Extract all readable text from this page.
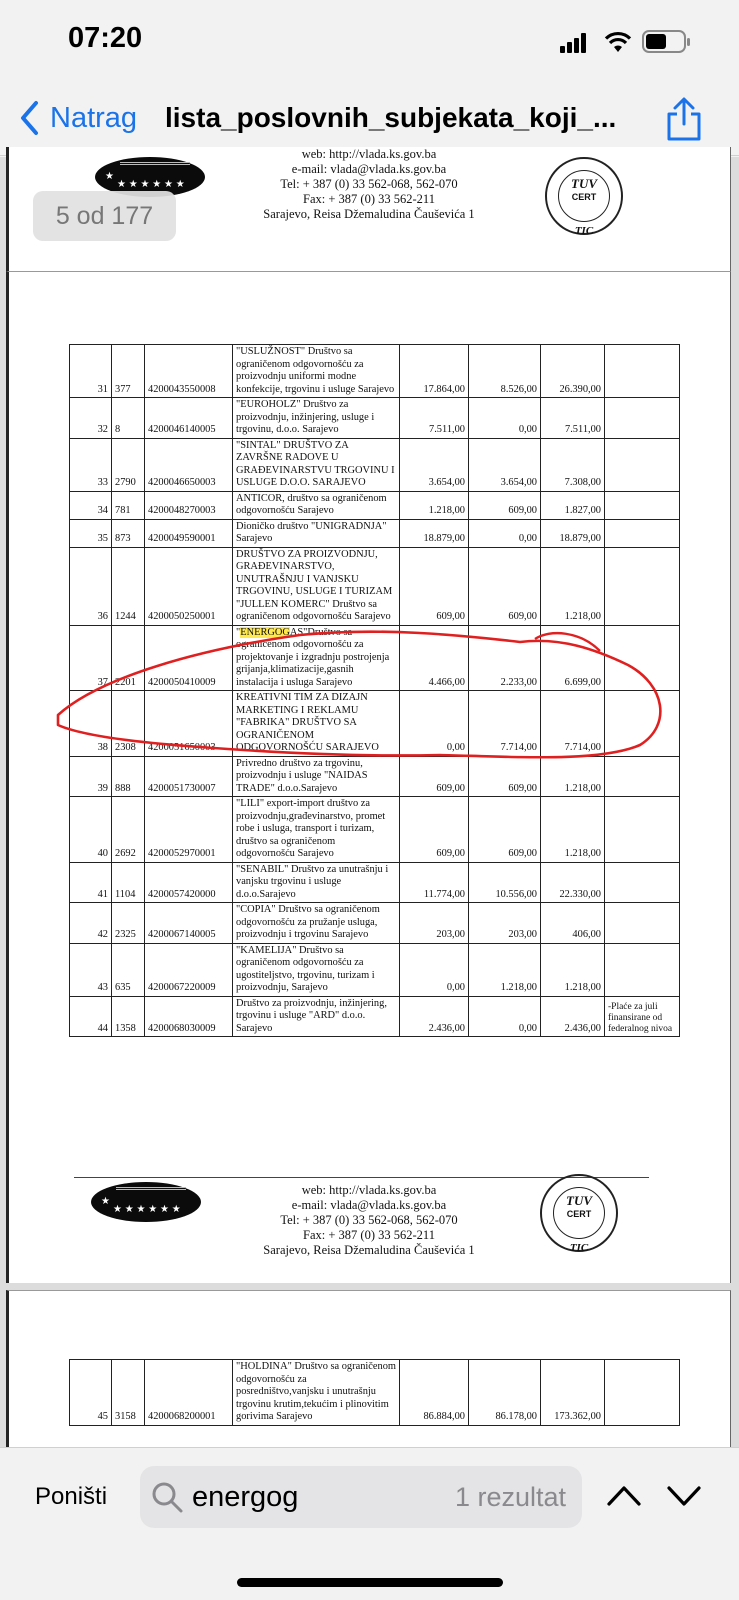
07:20
Natrag lista_poslovnih_subjekata_koji_...
★
★ ★ ★ ★ ★ ★
web: http://vlada.ks.gov.ba
e-mail: vlada@vlada.ks.gov.ba
Tel: + 387 (0) 33 562-068, 562-070
Fax: + 387 (0) 33 562-211
Sarajevo, Reisa Džemaludina Čauševića 1
TUV
CERT
TIC
5 od 177
31	377	4200043550008	"USLUŽNOST" Društvo sa ograničenom odgovornošću za proizvodnju uniformi modne konfekcije, trgovinu i usluge Sarajevo	17.864,00	8.526,00	26.390,00	
32	8	4200046140005	"EUROHOLZ" Društvo za proizvodnju, inžinjering, usluge i trgovinu, d.o.o. Sarajevo	7.511,00	0,00	7.511,00	
33	2790	4200046650003	"SINTAL" DRUŠTVO ZA ZAVRŠNE RADOVE U GRAĐEVINARSTVU TRGOVINU I USLUGE D.O.O. SARAJEVO	3.654,00	3.654,00	7.308,00	
34	781	4200048270003	ANTICOR, društvo sa ograničenom odgovornošću Sarajevo	1.218,00	609,00	1.827,00	
35	873	4200049590001	Dioničko društvo "UNIGRADNJA" Sarajevo	18.879,00	0,00	18.879,00	
36	1244	4200050250001	DRUŠTVO ZA PROIZVODNJU, GRAĐEVINARSTVO, UNUTRAŠNJU I VANJSKU TRGOVINU, USLUGE I TURIZAM "JULLEN KOMERC" Društvo sa ograničenom odgovornošću Sarajevo	609,00	609,00	1.218,00	
37	2201	4200050410009	"ENERGOGAS"Društvo sa ograničenom odgovornošću za projektovanje i izgradnju postrojenja grijanja,klimatizacije,gasnih instalacija i usluga Sarajevo	4.466,00	2.233,00	6.699,00	
38	2308	4200051650003	KREATIVNI TIM ZA DIZAJN MARKETING I REKLAMU "FABRIKA" DRUŠTVO SA OGRANIČENOM ODGOVORNOŠĆU SARAJEVO	0,00	7.714,00	7.714,00	
39	888	4200051730007	Privredno društvo za trgovinu, proizvodnju i usluge "NAIDAS TRADE" d.o.o.Sarajevo	609,00	609,00	1.218,00	
40	2692	4200052970001	"LILI" export-import društvo za proizvodnju,građevinarstvo, promet robe i usluga, transport i turizam, društvo sa ograničenom odgovornošću Sarajevo	609,00	609,00	1.218,00	
41	1104	4200057420000	"SENABIL" Društvo za unutrašnju i vanjsku trgovinu i usluge d.o.o.Sarajevo	11.774,00	10.556,00	22.330,00	
42	2325	4200067140005	"COPIA" Društvo sa ograničenom odgovornošću za pružanje usluga, proizvodnju i trgovinu Sarajevo	203,00	203,00	406,00	
43	635	4200067220009	"KAMELIJA" Društvo sa ograničenom odgovornošću za ugostiteljstvo, trgovinu, turizam i proizvodnju, Sarajevo	0,00	1.218,00	1.218,00	
44	1358	4200068030009	Društvo za proizvodnju, inžinjering, trgovinu i usluge "ARD" d.o.o. Sarajevo	2.436,00	0,00	2.436,00	-Plaće za juli finansirane od federalnog nivoa
★
★ ★ ★ ★ ★ ★
web: http://vlada.ks.gov.ba
e-mail: vlada@vlada.ks.gov.ba
Tel: + 387 (0) 33 562-068, 562-070
Fax: + 387 (0) 33 562-211
Sarajevo, Reisa Džemaludina Čauševića 1
TUV
CERT
TIC
45	3158	4200068200001	"HOLDINA" Društvo sa ograničenom odgovornošću za posredništvo,vanjsku i unutrašnju trgovinu krutim,tekućim i plinovitim gorivima Sarajevo	86.884,00	86.178,00	173.362,00	
Poništi
energog	1 rezultat
